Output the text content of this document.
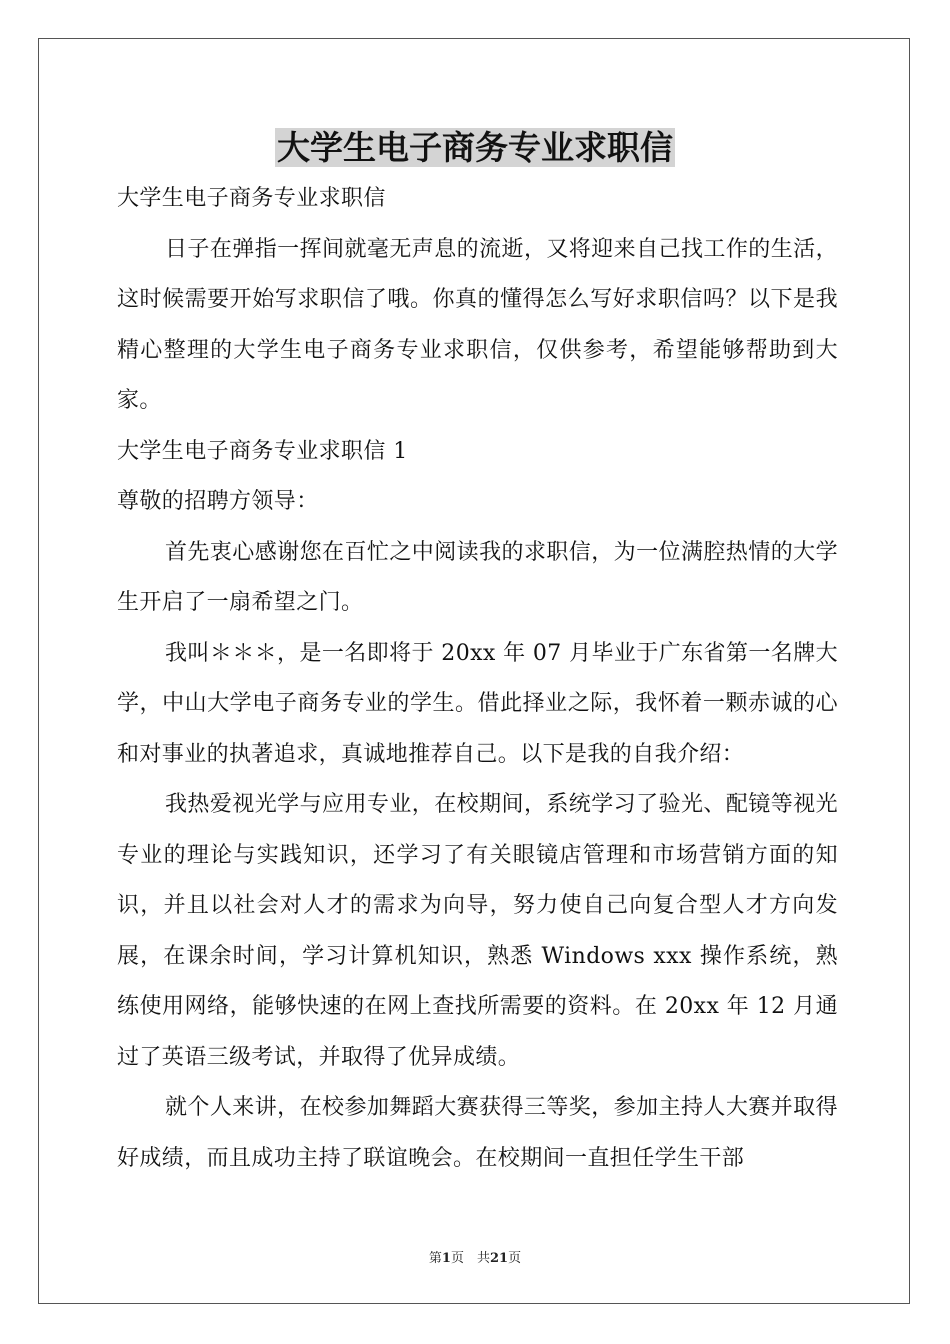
大学生电子商务专业求职信

大学生电子商务专业求职信

日子在弹指一挥间就毫无声息的流逝，又将迎来自己找工作的生活，这时候需要开始写求职信了哦。你真的懂得怎么写好求职信吗？以下是我精心整理的大学生电子商务专业求职信，仅供参考，希望能够帮助到大家。

大学生电子商务专业求职信 1

尊敬的招聘方领导：

首先衷心感谢您在百忙之中阅读我的求职信，为一位满腔热情的大学生开启了一扇希望之门。

我叫＊＊＊，是一名即将于 20xx 年 07 月毕业于广东省第一名牌大学，中山大学电子商务专业的学生。借此择业之际，我怀着一颗赤诚的心和对事业的执著追求，真诚地推荐自己。以下是我的自我介绍：

我热爱视光学与应用专业，在校期间，系统学习了验光、配镜等视光专业的理论与实践知识，还学习了有关眼镜店管理和市场营销方面的知识，并且以社会对人才的需求为向导，努力使自己向复合型人才方向发展，在课余时间，学习计算机知识，熟悉 Windows xxx 操作系统，熟练使用网络，能够快速的在网上查找所需要的资料。在 20xx 年 12 月通过了英语三级考试，并取得了优异成绩。

就个人来讲，在校参加舞蹈大赛获得三等奖，参加主持人大赛并取得好成绩，而且成功主持了联谊晚会。在校期间一直担任学生干部

第1页　共21页
